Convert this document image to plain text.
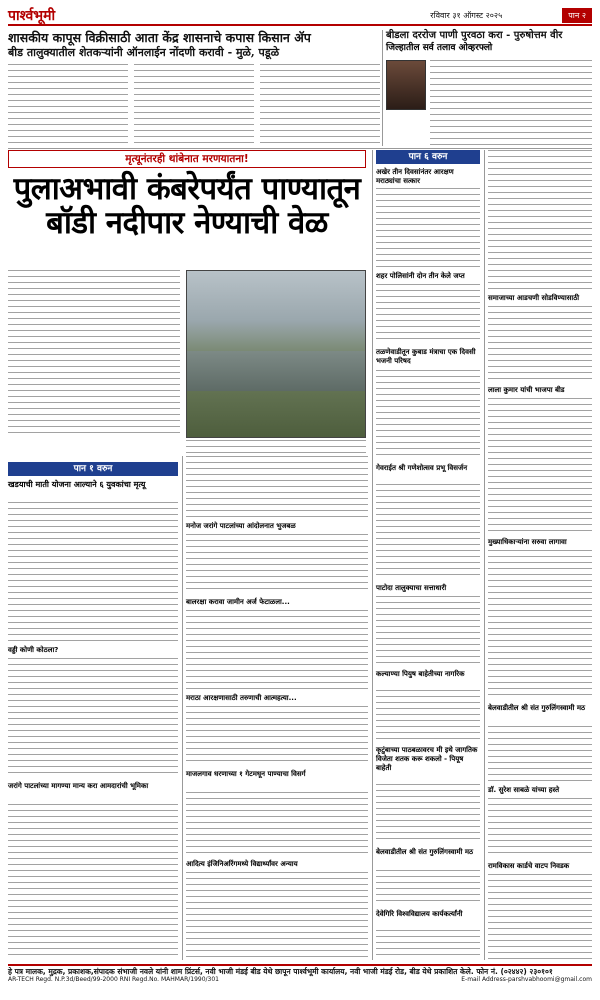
पार्श्वभूमी	रविवार ३१ ऑगस्ट २०२५	पान २
शासकीय कापूस विक्रीसाठी आता केंद्र शासनाचे कपास किसान ॲप
बीड तालुक्यातील शेतकऱ्यांनी ऑनलाईन नोंदणी करावी - मुळे, पडूळे
बीडला दररोज पाणी पुरवठा करा - पुरुषोत्तम वीर
जिल्हातील सर्व तलाव ओव्हरफ्लो
मृत्यूनंतरही थांबेनात मरणयातना!
पुलाअभावी कंबरेपर्यंत पाण्यातून बॉडी नदीपार नेण्याची वेळ
पान १ वरुन
खडयाची माती योजना आल्याने ६ युवकांचा मृत्यू
वड्डी कोणी कोठला?
जरांगे पाटलांच्या मागण्या मान्य करा आमदारांची भूमिका
मनोज जरांगे पाटलांच्या आंदोलनात भुजबळ
बालरक्षा करावा जामीन अर्ज फेटाळला...
मराठा आरक्षणासाठी तरुणाची आत्महत्या...
माजलगाव धरणाच्या १ गेटमधून पाण्याचा विसर्ग
आदित्य इंजिनिअरिंगमध्ये विद्यार्थ्यांवर अन्याय
पान ६ वरुन
अखेर तीन दिवसांनंतर आरक्षण मराठ्यांचा सत्कार
शहर पोलिसांनी दोन तीन केले जप्त
तळणेवाडीतून कुबाड मंत्राचा एक दिवसी भजनी परिषद
गेवराईत श्री गणेशोत्सव प्रभू विसर्जन
पाटोदा तालुक्याचा सत्ताधारी
कल्याण्या पियुष बाहेतीच्या नागरिक
कृटुंबाच्या पाठबळावरच मी इथे जागतिक विजेता शतक करू शकलो - पियूष बाहेती
बेलवाडीतील श्री संत गुरुलिंगस्वामी मठ
देवेगिरि विश्वविद्यालय कार्यकर्त्यांनी
समाजाच्या आडचणी सोडविण्यासाठी
लाला कुमार यांची भाजपा बीड
मुख्याधिकाऱ्यांना सरुवा लागावा
बेलवाडीतील श्री संत गुरुलिंगस्वामी मठ
डॉ. सुरेश साबळे यांच्या हस्ते
रामविकास कार्डचे वाटप निवडक
हे पत्र मालक, मुद्रक, प्रकाशक,संपादक संभाजी नवले यांनी शाम प्रिंटर्स, नवी भाजी मंडई बीड येथे छापून पार्श्वभूमी कार्यालय, नवी भाजी मंडई रोड, बीड येथे प्रकाशित केले. फोन नं. (०२४४२) २३०१०१
AR-TECH Regd. N.P.3d/Beed/99-2000 RNI Regd.No. MAHMAR/1990/301	E-mail Address-parshvabhoomi@gmail.com
